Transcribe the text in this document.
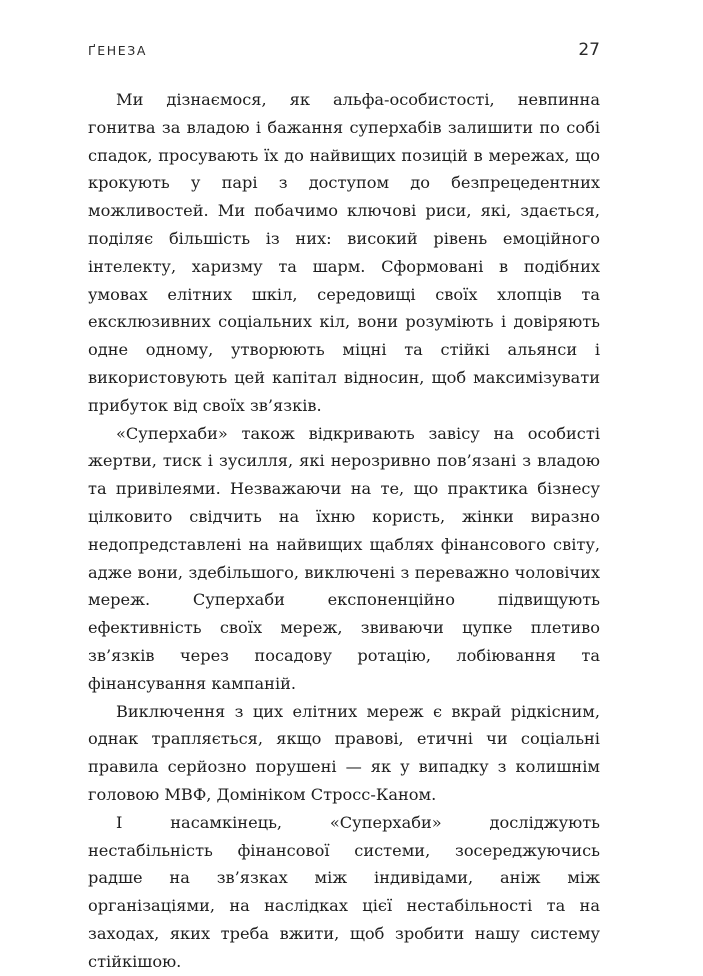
ҐЕНЕЗА	27

Ми дізнаємося, як альфа-особистості, невпинна гонитва за владою і бажання суперхабів залишити по собі спадок, просувають їх до найвищих позицій в мережах, що крокують у парі з доступом до безпрецедентних можливостей. Ми побачимо ключові риси, які, здається, поділяє більшість із них: високий рівень емоційного інтелекту, харизму та шарм. Сформовані в подібних умовах елітних шкіл, середовищі своїх хлопців та ексклюзивних соціальних кіл, вони розуміють і довіряють одне одному, утворюють міцні та стійкі альянси і використовують цей капітал відносин, щоб максимізувати прибуток від своїх зв’язків.

«Суперхаби» також відкривають завісу на особисті жертви, тиск і зусилля, які нерозривно пов’язані з владою та привілеями. Незважаючи на те, що практика бізнесу цілковито свідчить на їхню користь, жінки виразно недопредставлені на найвищих щаблях фінансового світу, адже вони, здебільшого, виключені з переважно чоловічих мереж. Суперхаби експоненційно підвищують ефективність своїх мереж, звиваючи цупке плетиво зв’язків через посадову ротацію, лобіювання та фінансування кампаній.

Виключення з цих елітних мереж є вкрай рідкісним, однак трапляється, якщо правові, етичні чи соціальні правила серйозно порушені — як у випадку з колишнім головою МВФ, Домініком Стросс-Каном.

І насамкінець, «Суперхаби» досліджують нестабільність фінансової системи, зосереджуючись радше на зв’язках між індивідами, аніж між організаціями, на наслідках цієї нестабільності та на заходах, яких треба вжити, щоб зробити нашу систему стійкішою.
